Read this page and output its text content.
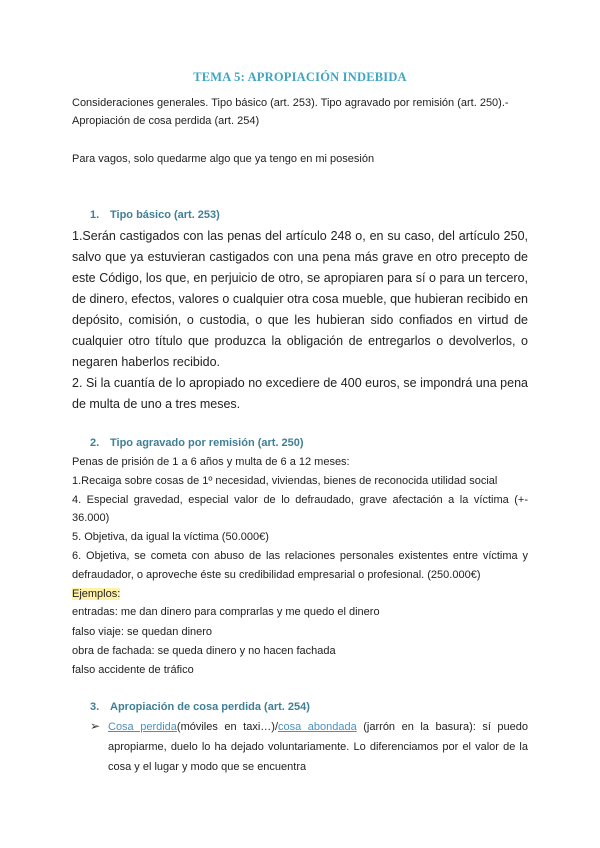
TEMA 5: APROPIACIÓN INDEBIDA
Consideraciones generales. Tipo básico (art. 253). Tipo agravado por remisión (art. 250).-
Apropiación de cosa perdida (art. 254)
Para vagos, solo quedarme algo que ya tengo en mi posesión
1. Tipo básico (art. 253)
1.Serán castigados con las penas del artículo 248 o, en su caso, del artículo 250,
salvo que ya estuvieran castigados con una pena más grave en otro precepto de
este Código, los que, en perjuicio de otro, se apropiaren para sí o para un tercero,
de dinero, efectos, valores o cualquier otra cosa mueble, que hubieran recibido en
depósito, comisión, o custodia, o que les hubieran sido confiados en virtud de
cualquier otro título que produzca la obligación de entregarlos o devolverlos, o
negaren haberlos recibido.
2. Si la cuantía de lo apropiado no excediere de 400 euros, se impondrá una pena
de multa de uno a tres meses.
2. Tipo agravado por remisión (art. 250)
Penas de prisión de 1 a 6 años y multa de 6 a 12 meses:
1.Recaiga sobre cosas de 1º necesidad, viviendas, bienes de reconocida utilidad social
4. Especial gravedad, especial valor de lo defraudado, grave afectación a la víctima (+-
36.000)
5. Objetiva, da igual la víctima (50.000€)
6. Objetiva, se cometa con abuso de las relaciones personales existentes entre víctima y
defraudador, o aproveche éste su credibilidad empresarial o profesional. (250.000€)
Ejemplos:
entradas: me dan dinero para comprarlas y me quedo el dinero
falso viaje: se quedan dinero
obra de fachada: se queda dinero y no hacen fachada
falso accidente de tráfico
3. Apropiación de cosa perdida (art. 254)
➢ Cosa perdida(móviles en taxi…)/cosa abondada (jarrón en la basura): sí puedo
apropiarme, duelo lo ha dejado voluntariamente. Lo diferenciamos por el valor de la
cosa y el lugar y modo que se encuentra
